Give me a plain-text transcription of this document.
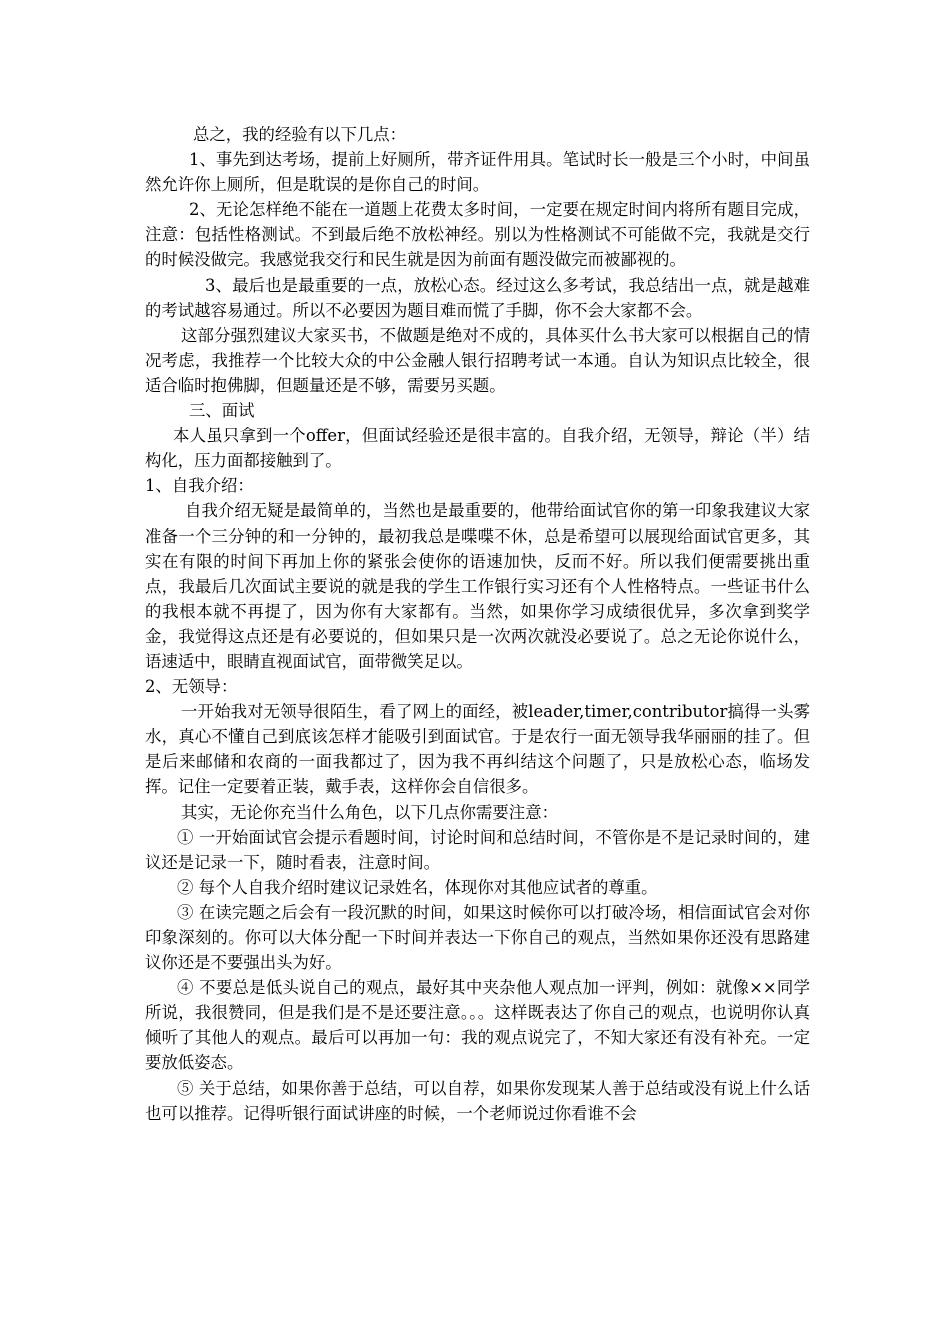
总之，我的经验有以下几点：

1、事先到达考场，提前上好厕所，带齐证件用具。笔试时长一般是三个小时，中间虽然允许你上厕所，但是耽误的是你自己的时间。

2、无论怎样绝不能在一道题上花费太多时间，一定要在规定时间内将所有题目完成，注意：包括性格测试。不到最后绝不放松神经。别以为性格测试不可能做不完，我就是交行的时候没做完。我感觉我交行和民生就是因为前面有题没做完而被鄙视的。

3、最后也是最重要的一点，放松心态。经过这么多考试，我总结出一点，就是越难的考试越容易通过。所以不必要因为题目难而慌了手脚，你不会大家都不会。

这部分强烈建议大家买书，不做题是绝对不成的，具体买什么书大家可以根据自己的情况考虑，我推荐一个比较大众的中公金融人银行招聘考试一本通。自认为知识点比较全，很适合临时抱佛脚，但题量还是不够，需要另买题。

三、面试

本人虽只拿到一个offer，但面试经验还是很丰富的。自我介绍，无领导，辩论（半）结构化，压力面都接触到了。

1、自我介绍：

自我介绍无疑是最简单的，当然也是最重要的，他带给面试官你的第一印象我建议大家准备一个三分钟的和一分钟的，最初我总是喋喋不休，总是希望可以展现给面试官更多，其实在有限的时间下再加上你的紧张会使你的语速加快，反而不好。所以我们便需要挑出重点，我最后几次面试主要说的就是我的学生工作银行实习还有个人性格特点。一些证书什么的我根本就不再提了，因为你有大家都有。当然，如果你学习成绩很优异，多次拿到奖学金，我觉得这点还是有必要说的，但如果只是一次两次就没必要说了。总之无论你说什么，语速适中，眼睛直视面试官，面带微笑足以。

2、无领导：

一开始我对无领导很陌生，看了网上的面经，被leader,timer,contributor搞得一头雾水，真心不懂自己到底该怎样才能吸引到面试官。于是农行一面无领导我华丽丽的挂了。但是后来邮储和农商的一面我都过了，因为我不再纠结这个问题了，只是放松心态，临场发挥。记住一定要着正装，戴手表，这样你会自信很多。

其实，无论你充当什么角色，以下几点你需要注意：

① 一开始面试官会提示看题时间，讨论时间和总结时间，不管你是不是记录时间的，建议还是记录一下，随时看表，注意时间。

② 每个人自我介绍时建议记录姓名，体现你对其他应试者的尊重。

③ 在读完题之后会有一段沉默的时间，如果这时候你可以打破冷场，相信面试官会对你印象深刻的。你可以大体分配一下时间并表达一下你自己的观点，当然如果你还没有思路建议你还是不要强出头为好。

④ 不要总是低头说自己的观点，最好其中夹杂他人观点加一评判，例如：就像××同学所说，我很赞同，但是我们是不是还要注意。。。这样既表达了你自己的观点，也说明你认真倾听了其他人的观点。最后可以再加一句：我的观点说完了，不知大家还有没有补充。一定要放低姿态。

⑤ 关于总结，如果你善于总结，可以自荐，如果你发现某人善于总结或没有说上什么话也可以推荐。记得听银行面试讲座的时候，一个老师说过你看谁不会
